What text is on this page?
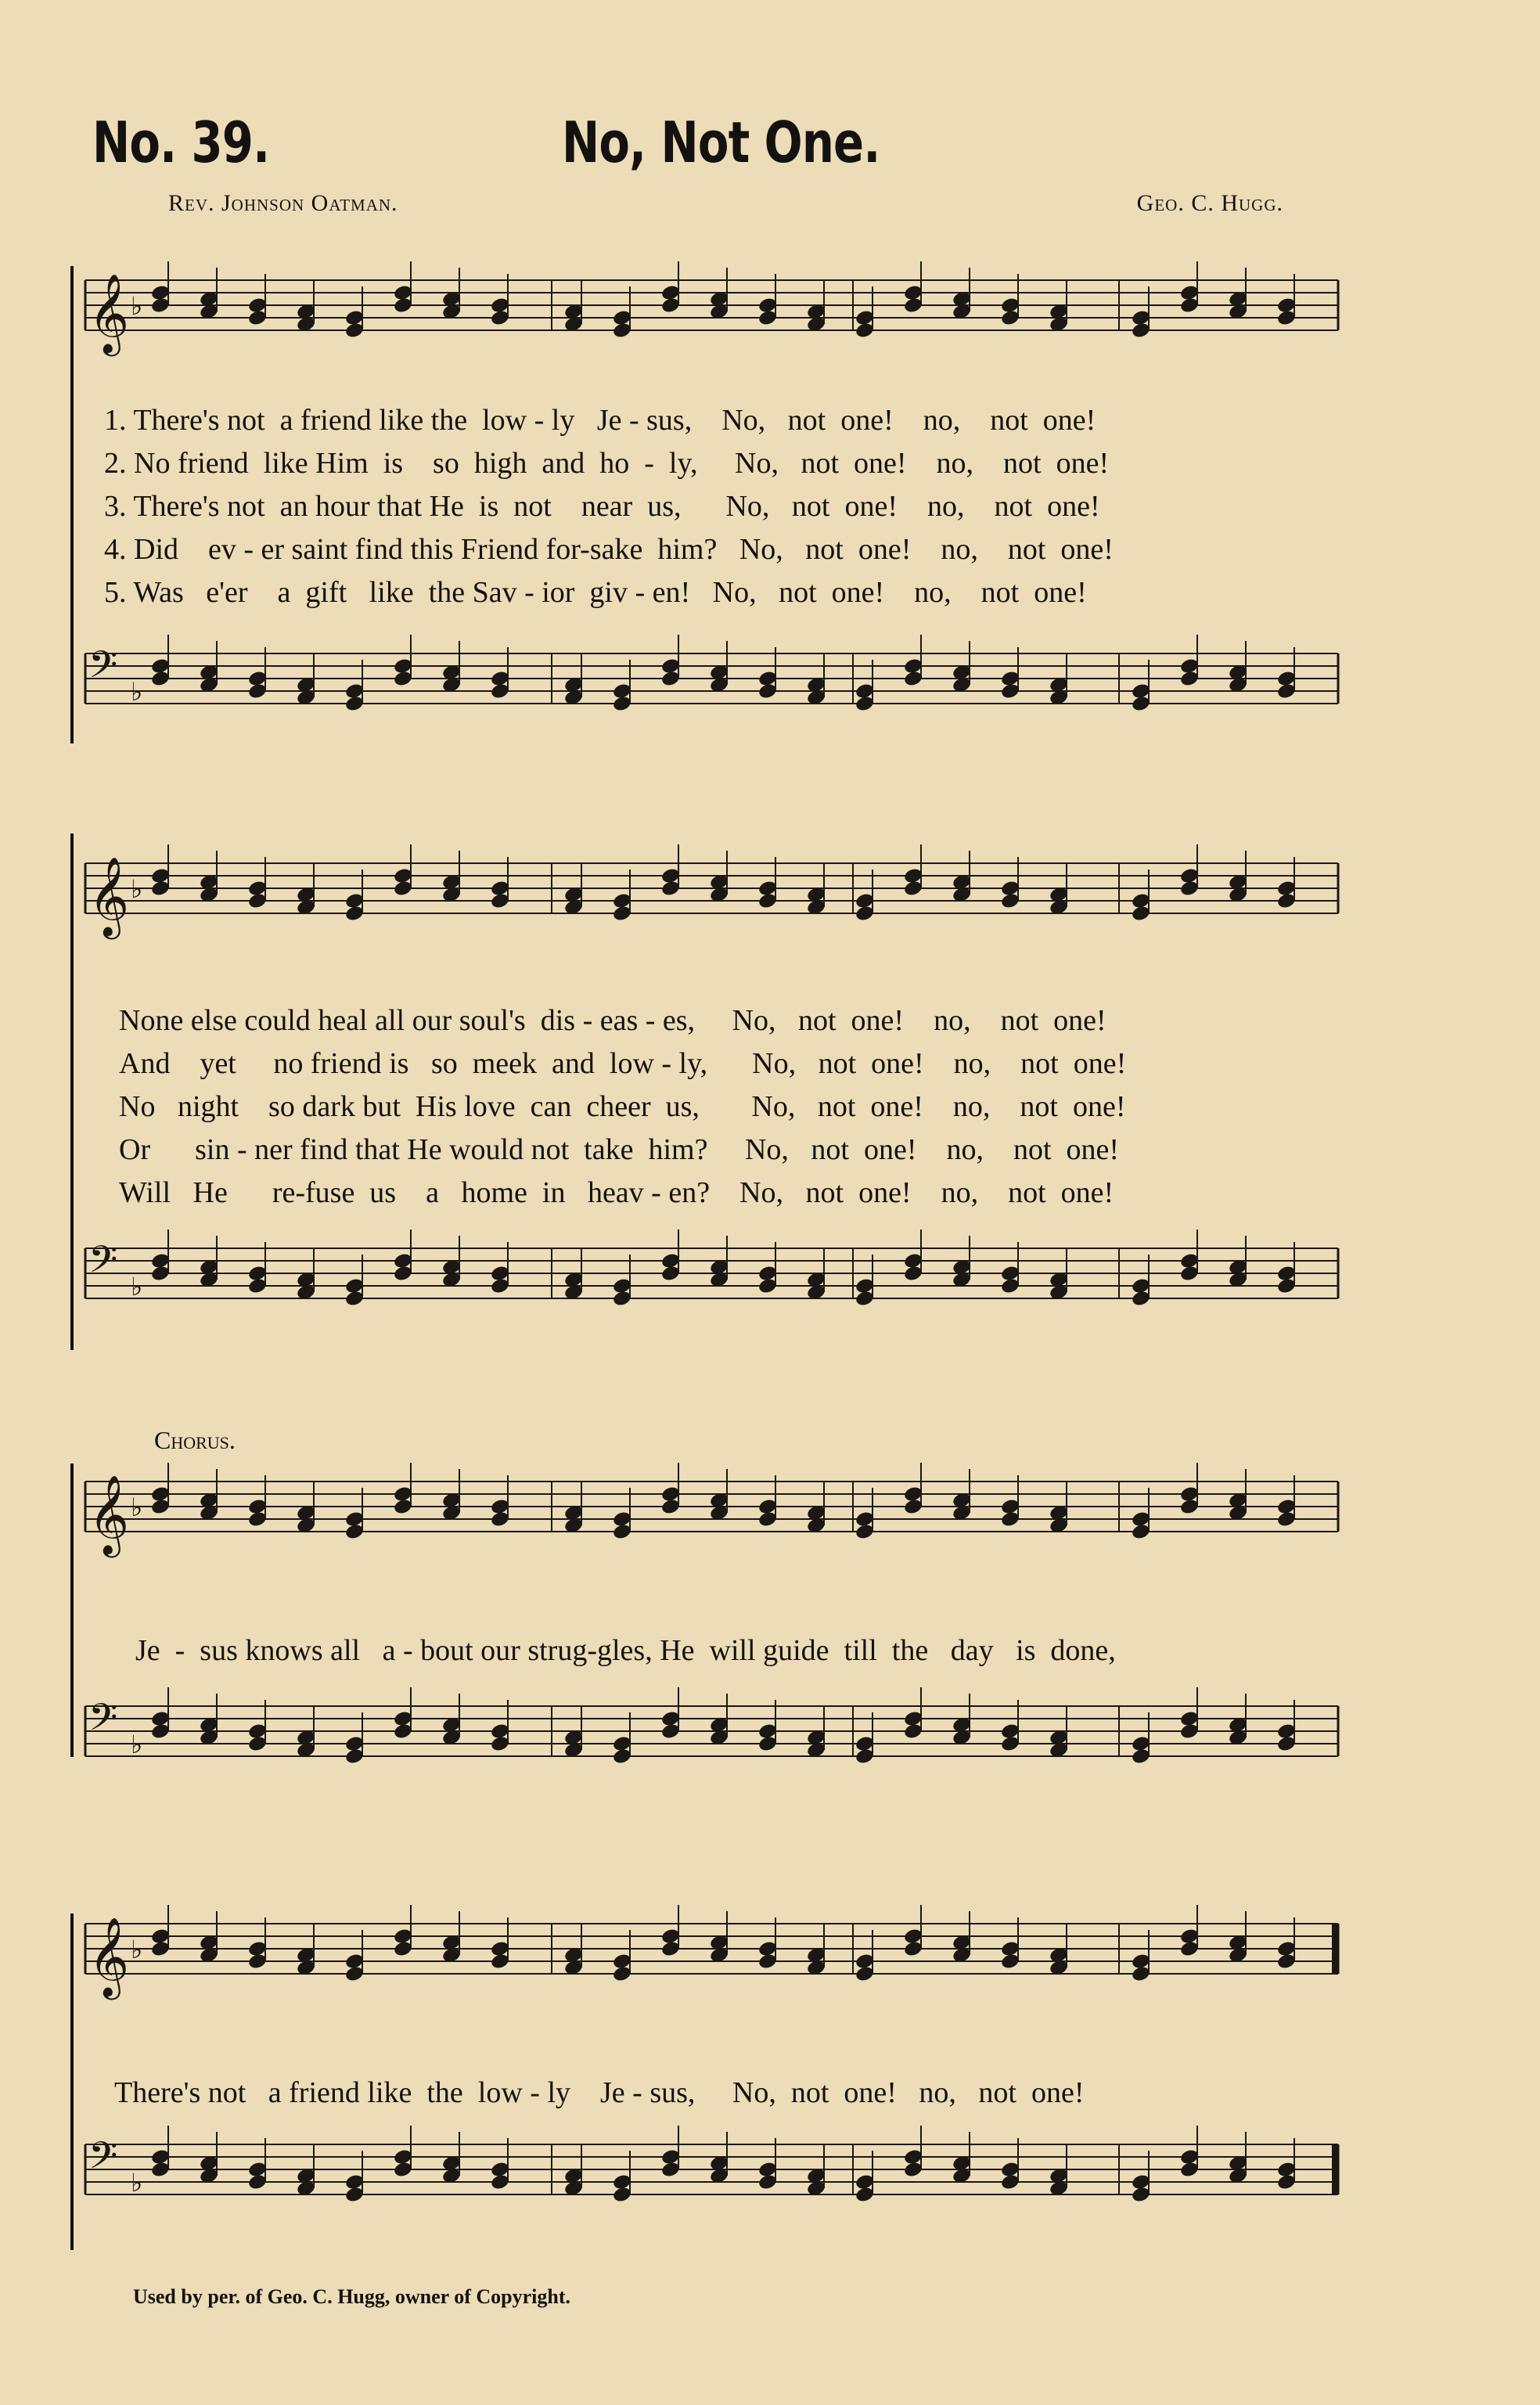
No. 39.	No, Not One.
Rev. Johnson Oatman.	Geo. C. Hugg.
𝄞 ♭
1. There's not  a friend like the  low - ly   Je - sus,    No,   not  one!    no,    not  one!
2. No friend  like Him  is    so  high  and  ho  -  ly,     No,   not  one!    no,    not  one!
3. There's not  an hour that He  is  not    near  us,      No,   not  one!    no,    not  one!
4. Did    ev - er saint find this Friend for-sake  him?   No,   not  one!    no,    not  one!
5. Was   e'er    a  gift   like  the Sav - ior  giv - en!   No,   not  one!    no,    not  one!
𝄢 ♭
𝄞 ♭
None else could heal all our soul's  dis - eas - es,     No,   not  one!    no,    not  one!
And    yet     no friend is   so  meek  and  low - ly,      No,   not  one!    no,    not  one!
No   night    so dark but  His love  can  cheer  us,       No,   not  one!    no,    not  one!
Or      sin - ner find that He would not  take  him?     No,   not  one!    no,    not  one!
Will   He      re-fuse  us    a   home  in   heav - en?    No,   not  one!    no,    not  one!
𝄢 ♭
Chorus.
𝄞 ♭
Je  -  sus knows all   a - bout our strug-gles, He  will guide  till  the   day   is  done,
𝄢 ♭
𝄞 ♭
There's not   a friend like  the  low - ly    Je - sus,     No,  not  one!   no,   not  one!
𝄢 ♭
Used by per. of Geo. C. Hugg, owner of Copyright.
